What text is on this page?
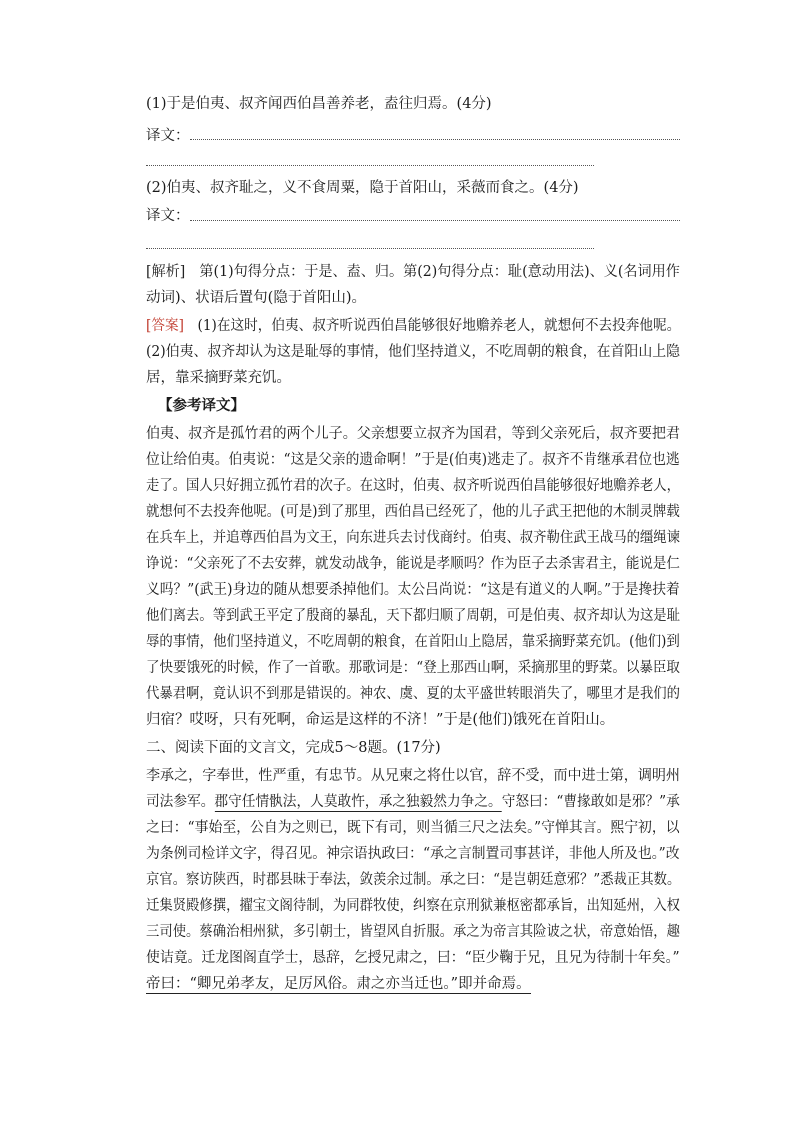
(1)于是伯夷、叔齐闻西伯昌善养老，盍往归焉。(4分)
译文：
(2)伯夷、叔齐耻之，义不食周粟，隐于首阳山，采薇而食之。(4分)
译文：
[解析]　第(1)句得分点：于是、盍、归。第(2)句得分点：耻(意动用法)、义(名词用作
动词)、状语后置句(隐于首阳山)。
[答案]　(1)在这时，伯夷、叔齐听说西伯昌能够很好地赡养老人，就想何不去投奔他呢。
(2)伯夷、叔齐却认为这是耻辱的事情，他们坚持道义，不吃周朝的粮食，在首阳山上隐
居，靠采摘野菜充饥。
【参考译文】
伯夷、叔齐是孤竹君的两个儿子。父亲想要立叔齐为国君，等到父亲死后，叔齐要把君
位让给伯夷。伯夷说：“这是父亲的遗命啊！”于是(伯夷)逃走了。叔齐不肯继承君位也逃
走了。国人只好拥立孤竹君的次子。在这时，伯夷、叔齐听说西伯昌能够很好地赡养老人，
就想何不去投奔他呢。(可是)到了那里，西伯昌已经死了，他的儿子武王把他的木制灵牌载
在兵车上，并追尊西伯昌为文王，向东进兵去讨伐商纣。伯夷、叔齐勒住武王战马的缰绳谏
诤说：“父亲死了不去安葬，就发动战争，能说是孝顺吗？作为臣子去杀害君主，能说是仁
义吗？”(武王)身边的随从想要杀掉他们。太公吕尚说：“这是有道义的人啊。”于是搀扶着
他们离去。等到武王平定了殷商的暴乱，天下都归顺了周朝，可是伯夷、叔齐却认为这是耻
辱的事情，他们坚持道义，不吃周朝的粮食，在首阳山上隐居，靠采摘野菜充饥。(他们)到
了快要饿死的时候，作了一首歌。那歌词是：“登上那西山啊，采摘那里的野菜。以暴臣取
代暴君啊，竟认识不到那是错误的。神农、虞、夏的太平盛世转眼消失了，哪里才是我们的
归宿？哎呀，只有死啊，命运是这样的不济！”于是(他们)饿死在首阳山。
二、阅读下面的文言文，完成5～8题。(17分)
李承之，字奉世，性严重，有忠节。从兄柬之将仕以官，辞不受，而中进士第，调明州
司法参军。郡守任情骫法，人莫敢忤，承之独毅然力争之。守怒曰：“曹掾敢如是邪？”承
之曰：“事始至，公自为之则已，既下有司，则当循三尺之法矣。”守惮其言。熙宁初，以
为条例司检详文字，得召见。神宗语执政曰：“承之言制置司事甚详，非他人所及也。”改
京官。察访陕西，时郡县昧于奉法，敛羡余过制。承之曰：“是岂朝廷意邪？”悉裁正其数。
迁集贤殿修撰，擢宝文阁待制，为同群牧使，纠察在京刑狱兼枢密都承旨，出知延州，入权
三司使。蔡确治相州狱，多引朝士，皆望风自折服。承之为帝言其险诐之状，帝意始悟，趣
使诘竟。迁龙图阁直学士，恳辞，乞授兄肃之，曰：“臣少鞠于兄，且兄为待制十年矣。”
帝曰：“卿兄弟孝友，足厉风俗。肃之亦当迁也。”即并命焉。
